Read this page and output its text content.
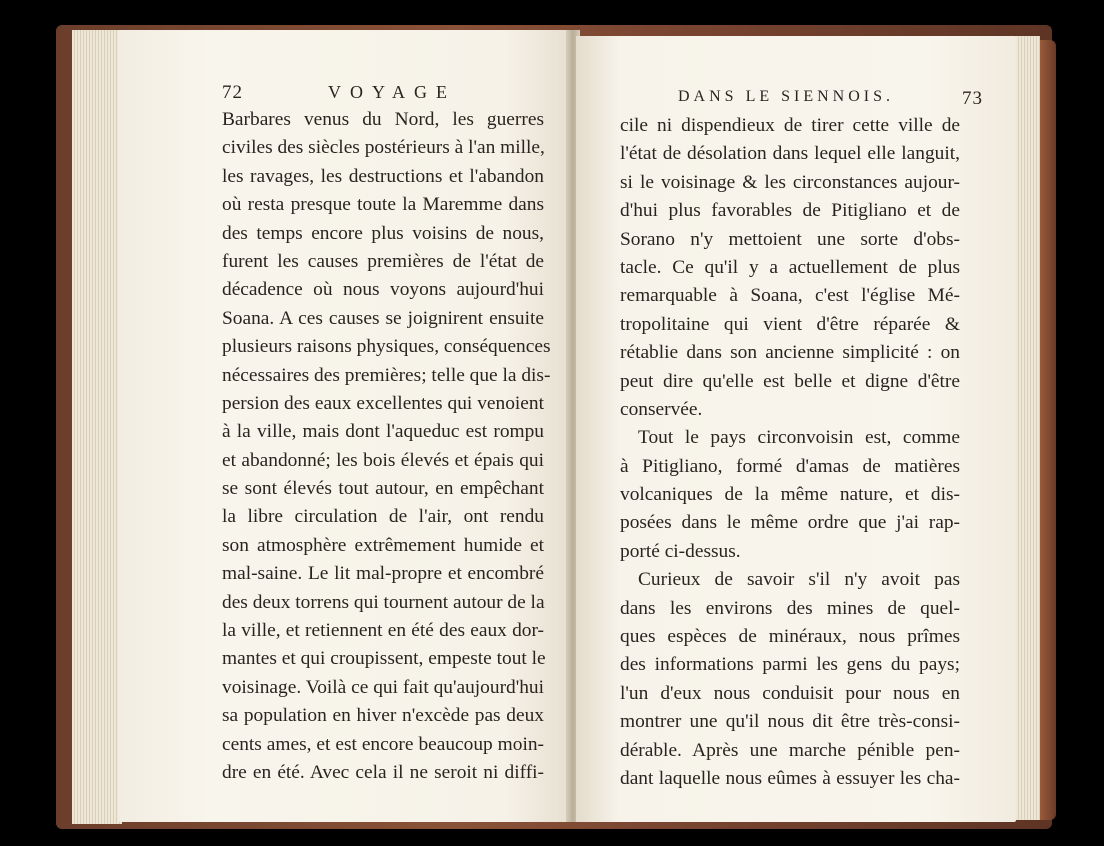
72	VOYAGE
Barbares venus du Nord, les guerres
civiles des siècles postérieurs à l'an mille,
les ravages, les destructions et l'abandon
où resta presque toute la Maremme dans
des temps encore plus voisins de nous,
furent les causes premières de l'état de
décadence où nous voyons aujourd'hui
Soana. A ces causes se joignirent ensuite
plusieurs raisons physiques, conséquences
nécessaires des premières; telle que la dis-
persion des eaux excellentes qui venoient
à la ville, mais dont l'aqueduc est rompu
et abandonné; les bois élevés et épais qui
se sont élevés tout autour, en empêchant
la libre circulation de l'air, ont rendu
son atmosphère extrêmement humide et
mal-saine. Le lit mal-propre et encombré
des deux torrens qui tournent autour de la
la ville, et retiennent en été des eaux dor-
mantes et qui croupissent, empeste tout le
voisinage. Voilà ce qui fait qu'aujourd'hui
sa population en hiver n'excède pas deux
cents ames, et est encore beaucoup moin-
dre en été. Avec cela il ne seroit ni diffi-
DANS LE SIENNOIS.	73
cile ni dispendieux de tirer cette ville de
l'état de désolation dans lequel elle languit,
si le voisinage & les circonstances aujour-
d'hui plus favorables de Pitigliano et de
Sorano n'y mettoient une sorte d'obs-
tacle. Ce qu'il y a actuellement de plus
remarquable à Soana, c'est l'église Mé-
tropolitaine qui vient d'être réparée &
rétablie dans son ancienne simplicité : on
peut dire qu'elle est belle et digne d'être
conservée.
Tout le pays circonvoisin est, comme
à Pitigliano, formé d'amas de matières
volcaniques de la même nature, et dis-
posées dans le même ordre que j'ai rap-
porté ci-dessus.
Curieux de savoir s'il n'y avoit pas
dans les environs des mines de quel-
ques espèces de minéraux, nous prîmes
des informations parmi les gens du pays;
l'un d'eux nous conduisit pour nous en
montrer une qu'il nous dit être très-consi-
dérable. Après une marche pénible pen-
dant laquelle nous eûmes à essuyer les cha-
